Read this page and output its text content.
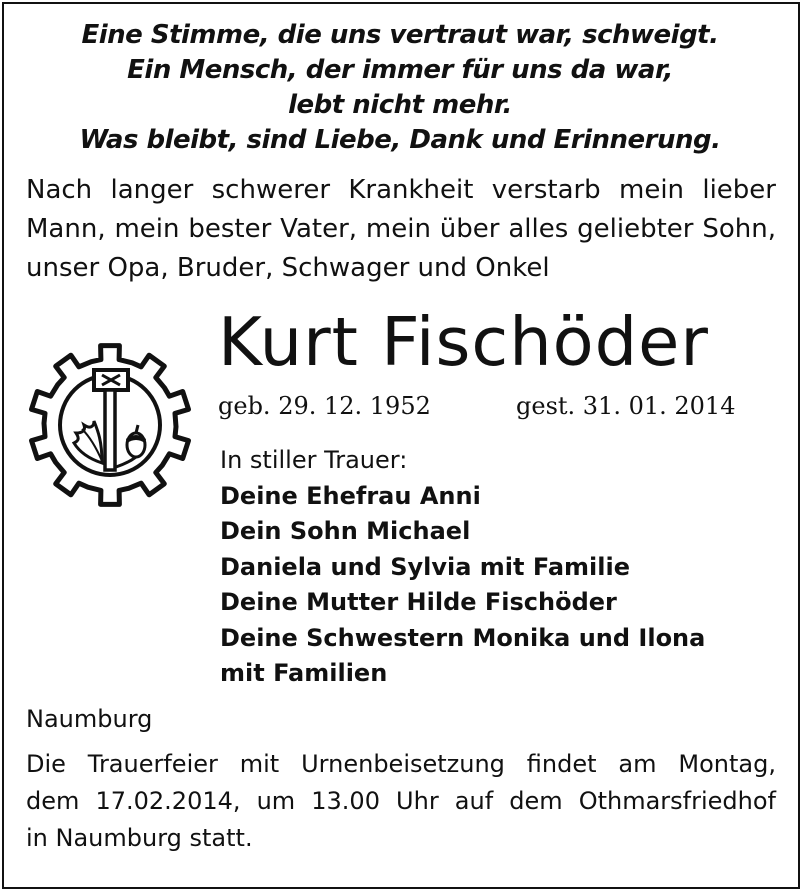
Eine Stimme, die uns vertraut war, schweigt.
Ein Mensch, der immer für uns da war,
lebt nicht mehr.
Was bleibt, sind Liebe, Dank und Erinnerung.
Nach langer schwerer Krankheit verstarb mein lieber
Mann, mein bester Vater, mein über alles geliebter Sohn,
unser Opa, Bruder, Schwager und Onkel
Kurt Fischöder
geb. 29. 12. 1952	gest. 31. 01. 2014
In stiller Trauer:
Deine Ehefrau Anni
Dein Sohn Michael
Daniela und Sylvia mit Familie
Deine Mutter Hilde Fischöder
Deine Schwestern Monika und Ilona
mit Familien
Naumburg
Die Trauerfeier mit Urnenbeisetzung findet am Montag,
dem 17.02.2014, um 13.00 Uhr auf dem Othmarsfriedhof
in Naumburg statt.
